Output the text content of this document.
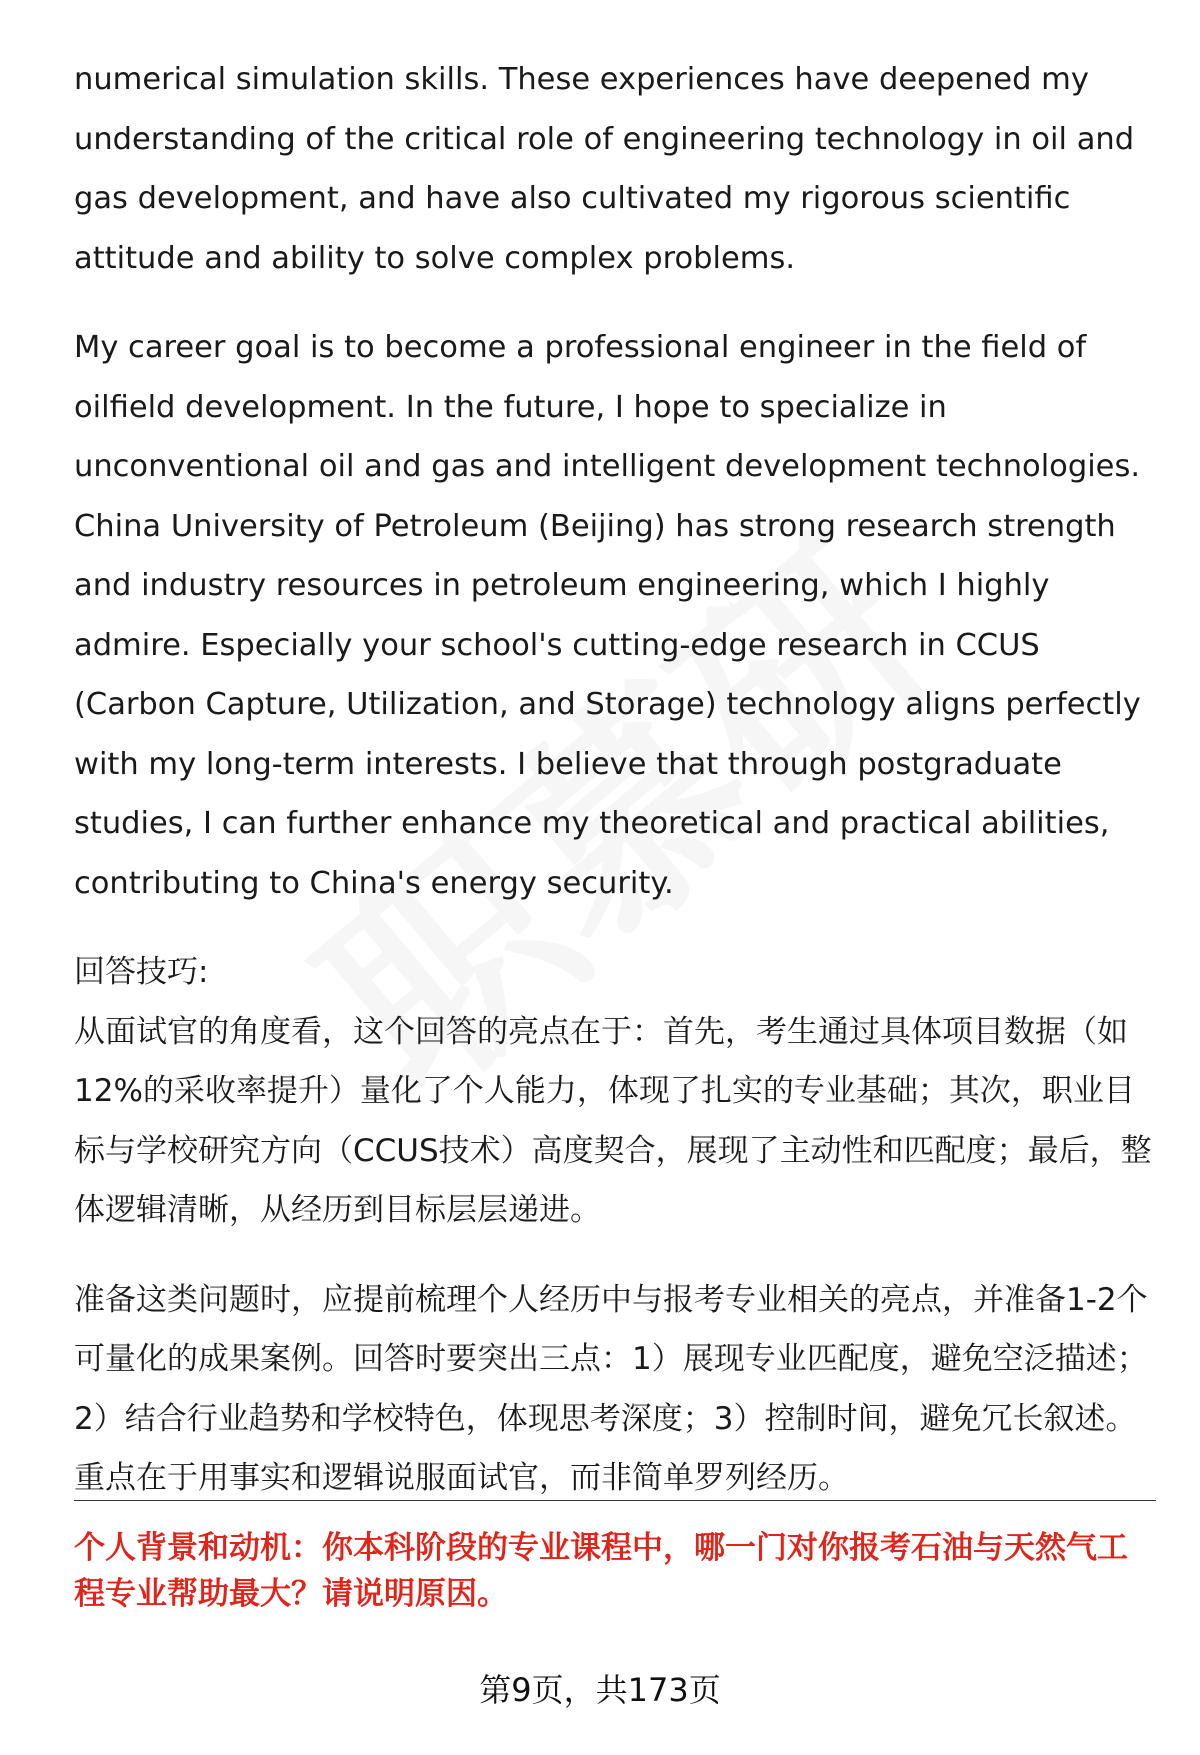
numerical simulation skills. These experiences have deepened my understanding of the critical role of engineering technology in oil and gas development, and have also cultivated my rigorous scientific attitude and ability to solve complex problems.

My career goal is to become a professional engineer in the field of oilfield development. In the future, I hope to specialize in unconventional oil and gas and intelligent development technologies. China University of Petroleum (Beijing) has strong research strength and industry resources in petroleum engineering, which I highly admire. Especially your school's cutting-edge research in CCUS (Carbon Capture, Utilization, and Storage) technology aligns perfectly with my long-term interests. I believe that through postgraduate studies, I can further enhance my theoretical and practical abilities, contributing to China's energy security.

回答技巧:

从面试官的角度看，这个回答的亮点在于：首先，考生通过具体项目数据（如12%的采收率提升）量化了个人能力，体现了扎实的专业基础；其次，职业目标与学校研究方向（CCUS技术）高度契合，展现了主动性和匹配度；最后，整体逻辑清晰，从经历到目标层层递进。

准备这类问题时，应提前梳理个人经历中与报考专业相关的亮点，并准备1-2个可量化的成果案例。回答时要突出三点：1）展现专业匹配度，避免空泛描述；2）结合行业趋势和学校特色，体现思考深度；3）控制时间，避免冗长叙述。重点在于用事实和逻辑说服面试官，而非简单罗列经历。

个人背景和动机：你本科阶段的专业课程中，哪一门对你报考石油与天然气工程专业帮助最大？请说明原因。

第9页，共173页
